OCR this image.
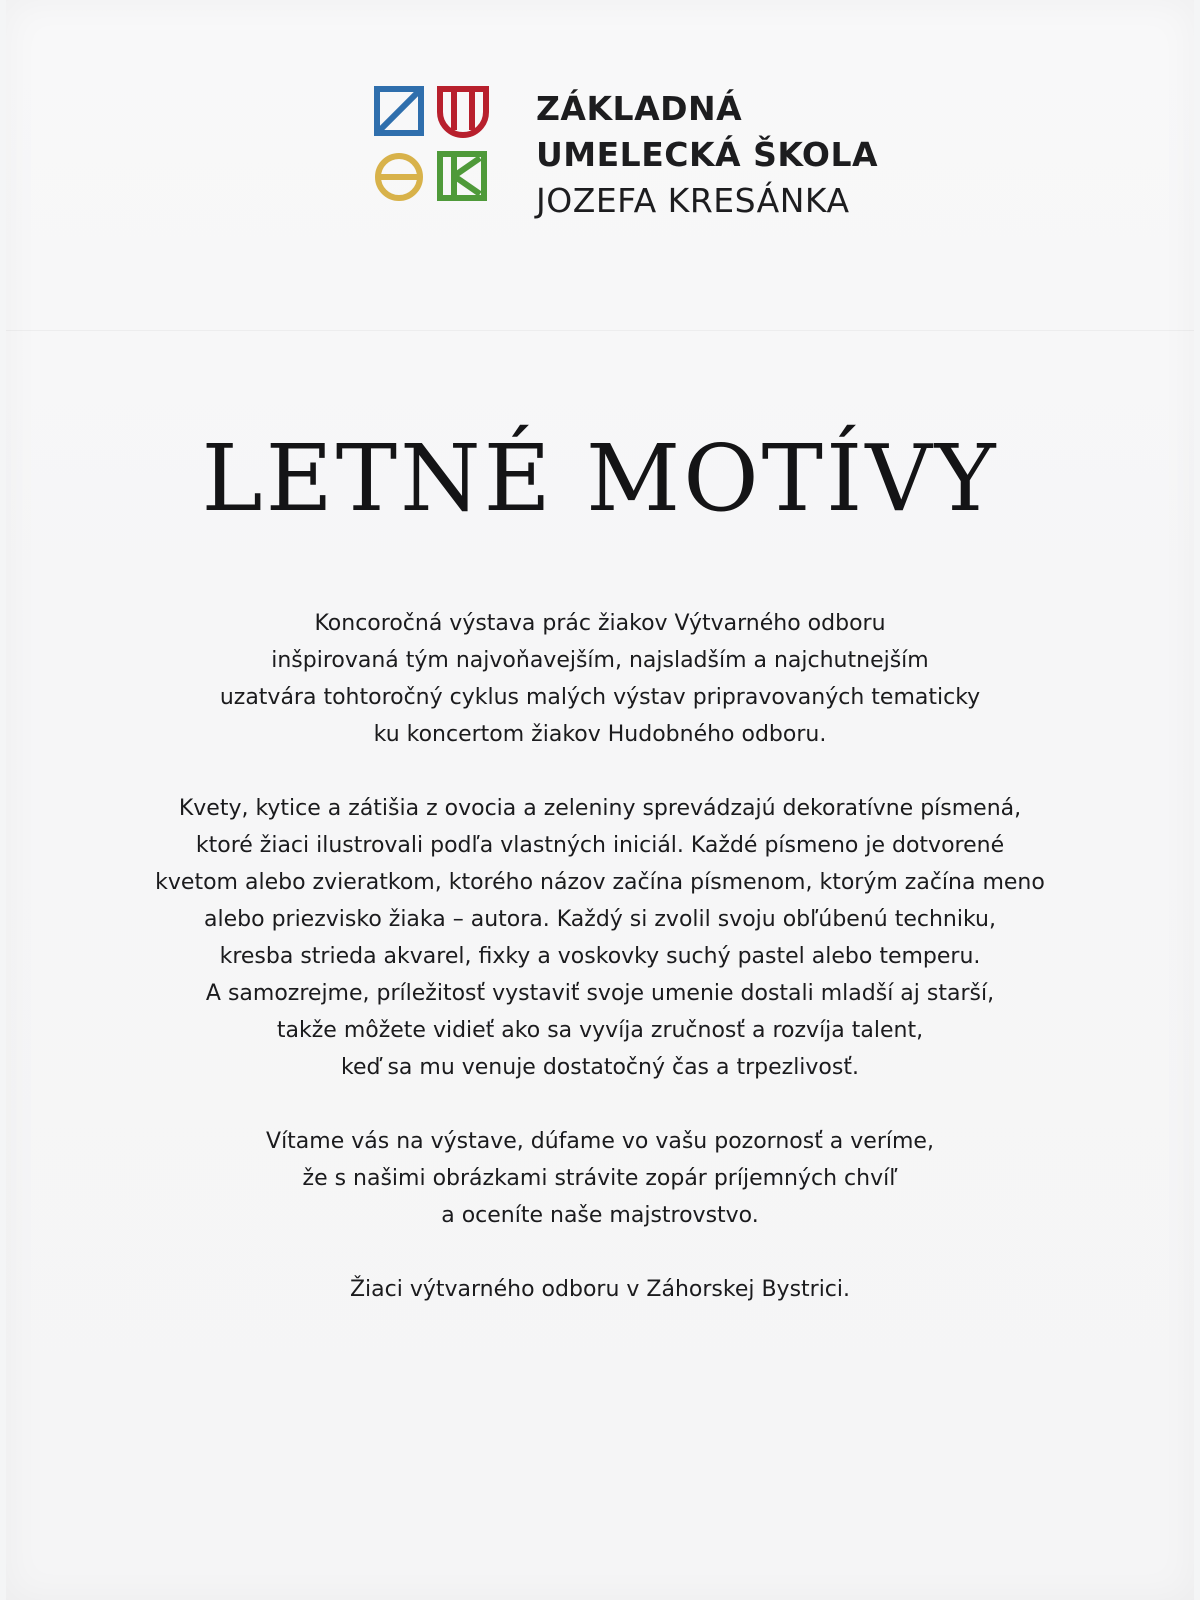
ZÁKLADNÁ
UMELECKÁ ŠKOLA
JOZEFA KRESÁNKA
LETNÉ MOTÍVY

Koncoročná výstava prác žiakov Výtvarného odboru
inšpirovaná tým najvoňavejším, najsladším a najchutnejším
uzatvára tohtoročný cyklus malých výstav pripravovaných tematicky
ku koncertom žiakov Hudobného odboru.

Kvety, kytice a zátišia z ovocia a zeleniny sprevádzajú dekoratívne písmená,
ktoré žiaci ilustrovali podľa vlastných iniciál. Každé písmeno je dotvorené
kvetom alebo zvieratkom, ktorého názov začína písmenom, ktorým začína meno
alebo priezvisko žiaka – autora. Každý si zvolil svoju obľúbenú techniku,
kresba strieda akvarel, fixky a voskovky suchý pastel alebo temperu.
A samozrejme, príležitosť vystaviť svoje umenie dostali mladší aj starší,
takže môžete vidieť ako sa vyvíja zručnosť a rozvíja talent,
keď sa mu venuje dostatočný čas a trpezlivosť.

Vítame vás na výstave, dúfame vo vašu pozornosť a veríme,
že s našimi obrázkami strávite zopár príjemných chvíľ
a oceníte naše majstrovstvo.

Žiaci výtvarného odboru v Záhorskej Bystrici.
